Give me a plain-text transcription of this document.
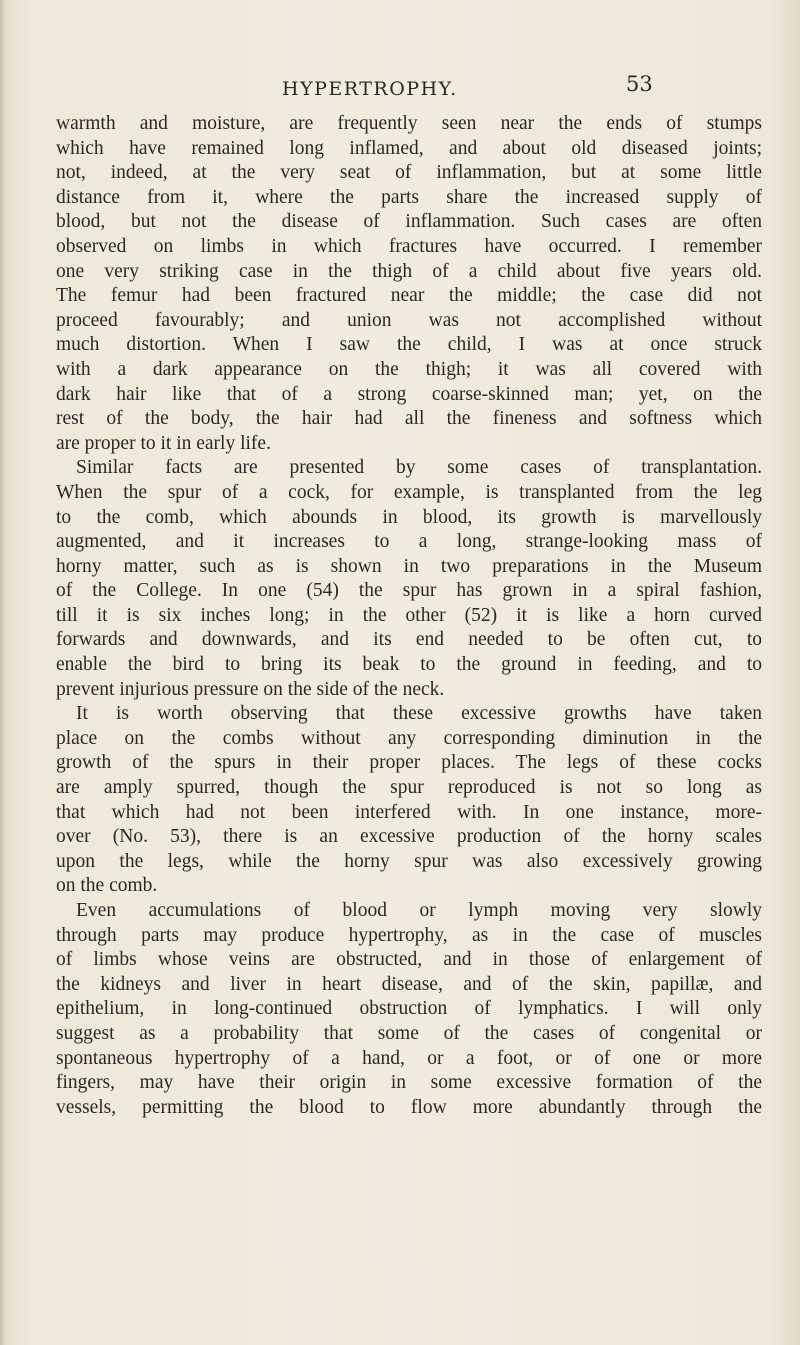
HYPERTROPHY.	53
warmth and moisture, are frequently seen near the ends of stumps
which have remained long inflamed, and about old diseased joints;
not, indeed, at the very seat of inflammation, but at some little
distance from it, where the parts share the increased supply of
blood, but not the disease of inflammation. Such cases are often
observed on limbs in which fractures have occurred. I remember
one very striking case in the thigh of a child about five years old.
The femur had been fractured near the middle; the case did not
proceed favourably; and union was not accomplished without
much distortion. When I saw the child, I was at once struck
with a dark appearance on the thigh; it was all covered with
dark hair like that of a strong coarse-skinned man; yet, on the
rest of the body, the hair had all the fineness and softness which
are proper to it in early life.
Similar facts are presented by some cases of transplantation.
When the spur of a cock, for example, is transplanted from the leg
to the comb, which abounds in blood, its growth is marvellously
augmented, and it increases to a long, strange-looking mass of
horny matter, such as is shown in two preparations in the Museum
of the College. In one (54) the spur has grown in a spiral fashion,
till it is six inches long; in the other (52) it is like a horn curved
forwards and downwards, and its end needed to be often cut, to
enable the bird to bring its beak to the ground in feeding, and to
prevent injurious pressure on the side of the neck.
It is worth observing that these excessive growths have taken
place on the combs without any corresponding diminution in the
growth of the spurs in their proper places. The legs of these cocks
are amply spurred, though the spur reproduced is not so long as
that which had not been interfered with. In one instance, more-
over (No. 53), there is an excessive production of the horny scales
upon the legs, while the horny spur was also excessively growing
on the comb.
Even accumulations of blood or lymph moving very slowly
through parts may produce hypertrophy, as in the case of muscles
of limbs whose veins are obstructed, and in those of enlargement of
the kidneys and liver in heart disease, and of the skin, papillæ, and
epithelium, in long-continued obstruction of lymphatics. I will only
suggest as a probability that some of the cases of congenital or
spontaneous hypertrophy of a hand, or a foot, or of one or more
fingers, may have their origin in some excessive formation of the
vessels, permitting the blood to flow more abundantly through the
